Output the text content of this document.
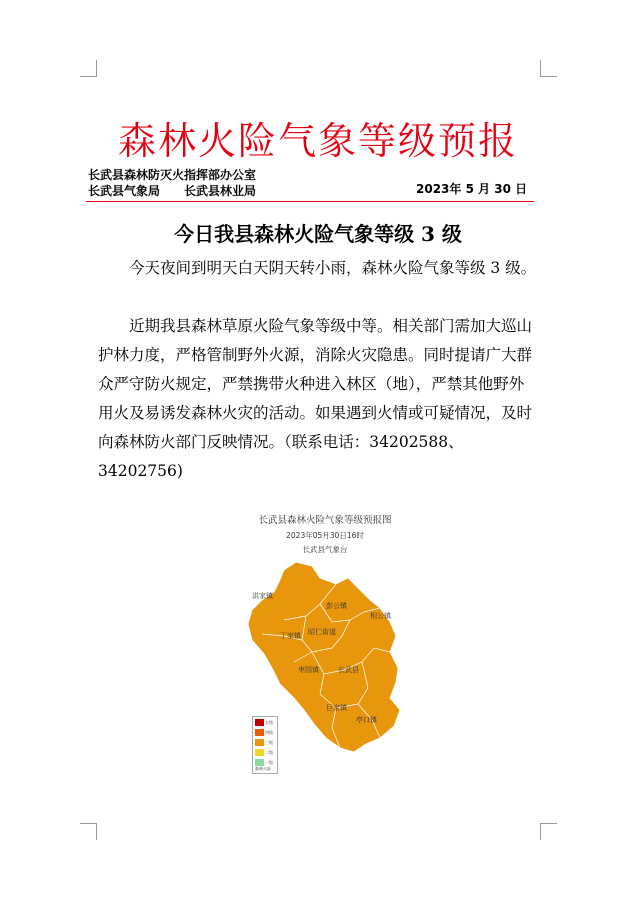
森林火险气象等级预报
长武县森林防灭火指挥部办公室
长武县气象局 长武县林业局	2023年 5 月 30 日
今日我县森林火险气象等级 3 级

今天夜间到明天白天阴天转小雨，森林火险气象等级 3 级。

近期我县森林草原火险气象等级中等。相关部门需加大巡山护林力度，严格管制野外火源，消除火灾隐患。同时提请广大群众严守防火规定，严禁携带火种进入林区（地），严禁其他野外用火及易诱发森林火灾的活动。如果遇到火情或可疑情况，及时向森林防火部门反映情况。（联系电话：34202588、34202756)

长武县森林火险气象等级预报图
2023年05月30日16时
长武县气象台
洪家镇
彭公镇
相公镇
丁家镇 昭仁街道
枣园镇	长武县
巨家镇
亭口镇
五级
四级
三级
二级
一级
森林火险
